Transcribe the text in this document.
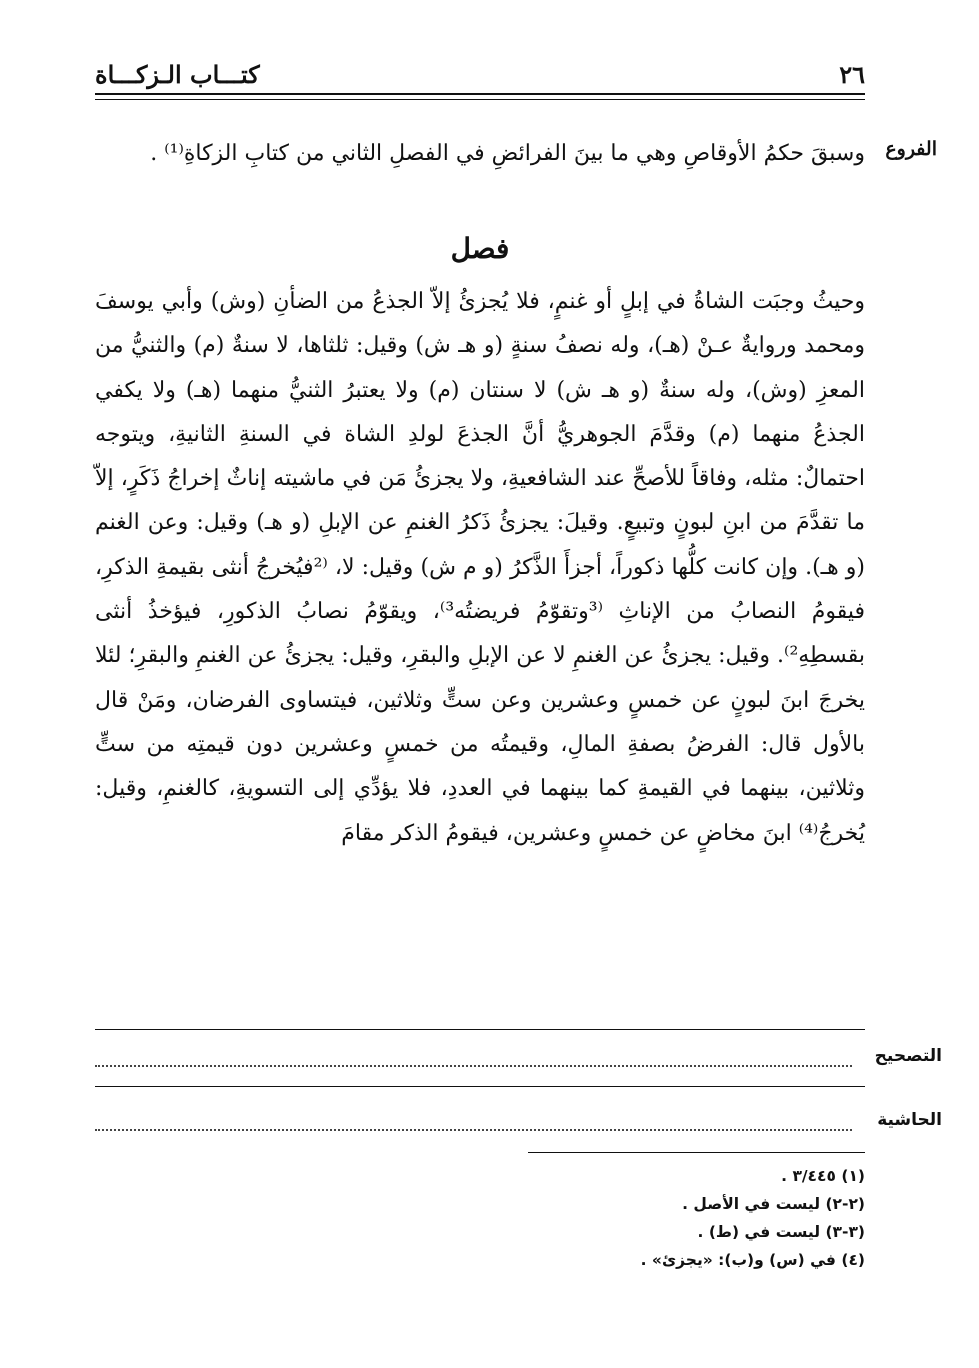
٢٦
كتـــاب الـزكـــاة
الفروع
وسبقَ حكمُ الأوقاصِ وهي ما بينَ الفرائضِ في الفصلِ الثاني من كتابِ الزكاةِ⁽¹⁾ .
فصل
وحيثُ وجبَت الشاةُ في إبلٍ أو غنمٍ، فلا يُجزئُ إلاّ الجذعُ من الضأنِ (وش) وأبي يوسفَ ومحمد وروايةٌ عـنْ (هـ)، وله نصفُ سنةٍ (و هـ ش) وقيل: ثلثاها، لا سنةٌ (م) والثنيُّ من المعزِ (وش)، وله سنةٌ (و هـ ش) لا سنتان (م) ولا يعتبرُ الثنيُّ منهما (هـ) ولا يكفي الجذعُ منهما (م) وقدَّمَ الجوهريُّ أنَّ الجذعَ لولدِ الشاة في السنةِ الثانيةِ، ويتوجه احتمالٌ: مثله، وفاقاً للأصحِّ عند الشافعيةِ، ولا يجزئُ مَن في ماشيته إناثٌ إخراجُ ذَكَرٍ، إلاّ ما تقدَّمَ من ابنِ لبونٍ وتبيعٍ. وقيلَ: يجزئُ ذَكرُ الغنمِ عن الإبلِ (و هـ) وقيل: وعن الغنم (و هـ). وإن كانت كلُّها ذكوراً، أجزأَ الذَّكرُ (و م ش) وقيل: لا، ⁽²فيُخرجُ أنثى بقيمةِ الذكرِ، فيقومُ النصابُ من الإناثِ ⁽³وتقوّمُ فريضتُه³⁾، ويقوّمُ نصابُ الذكورِ، فيؤخذُ أنثى بقسطِهِ²⁾. وقيل: يجزئُ عن الغنمِ لا عن الإبلِ والبقرِ، وقيل: يجزئُ عن الغنمِ والبقرِ؛ لئلا يخرجَ ابنَ لبونٍ عن خمسٍ وعشرين وعن ستٍّ وثلاثين، فيتساوى الفرضان، ومَنْ قال بالأول قال: الفرضُ بصفةِ المالِ، وقيمتُه من خمسٍ وعشرين دون قيمتِه من ستٍّ وثلاثين، بينهما في القيمةِ كما بينهما في العددِ، فلا يؤدِّي إلى التسويةِ، كالغنمِ، وقيل: يُخرجُ⁽⁴⁾ ابنَ مخاضٍ عن خمسٍ وعشرين، فيقومُ الذكر مقامَ
التصحيح
الحاشية
(١) ٣/٤٤٥ .
(٢-٢) ليست في الأصل .
(٣-٣) ليست في (ط) .
(٤) في (س) و(ب): «يجزئ» .
